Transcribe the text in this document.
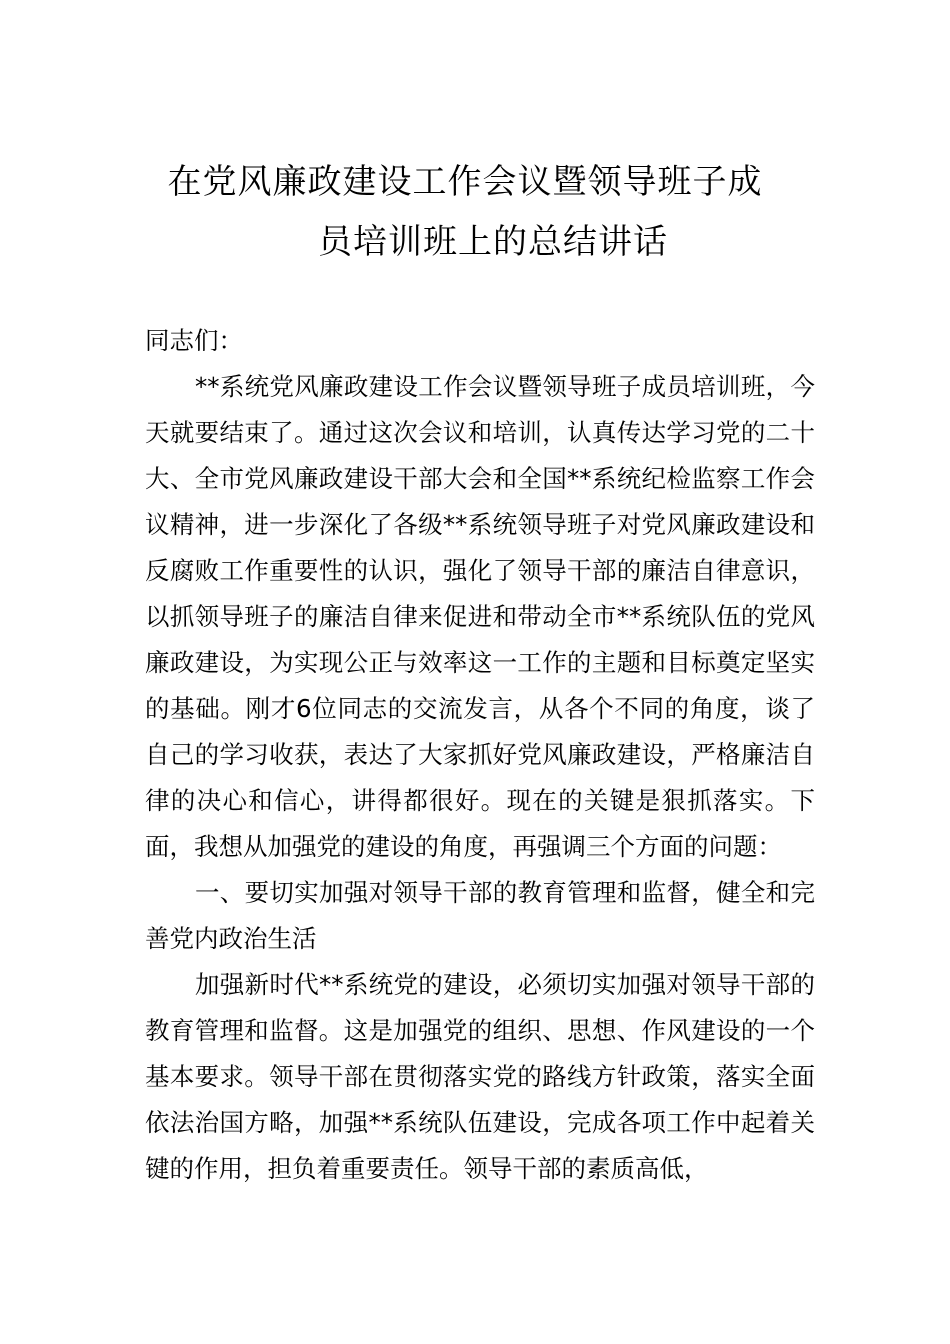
在党风廉政建设工作会议暨领导班子成
员培训班上的总结讲话

同志们：

**系统党风廉政建设工作会议暨领导班子成员培训班，今天就要结束了。通过这次会议和培训，认真传达学习党的二十大、全市党风廉政建设干部大会和全国**系统纪检监察工作会议精神，进一步深化了各级**系统领导班子对党风廉政建设和反腐败工作重要性的认识，强化了领导干部的廉洁自律意识，以抓领导班子的廉洁自律来促进和带动全市**系统队伍的党风廉政建设，为实现公正与效率这一工作的主题和目标奠定坚实的基础。刚才6位同志的交流发言，从各个不同的角度，谈了自己的学习收获，表达了大家抓好党风廉政建设，严格廉洁自律的决心和信心，讲得都很好。现在的关键是狠抓落实。下面，我想从加强党的建设的角度，再强调三个方面的问题：

一、要切实加强对领导干部的教育管理和监督，健全和完善党内政治生活

加强新时代**系统党的建设，必须切实加强对领导干部的教育管理和监督。这是加强党的组织、思想、作风建设的一个基本要求。领导干部在贯彻落实党的路线方针政策，落实全面依法治国方略，加强**系统队伍建设，完成各项工作中起着关键的作用，担负着重要责任。领导干部的素质高低，
